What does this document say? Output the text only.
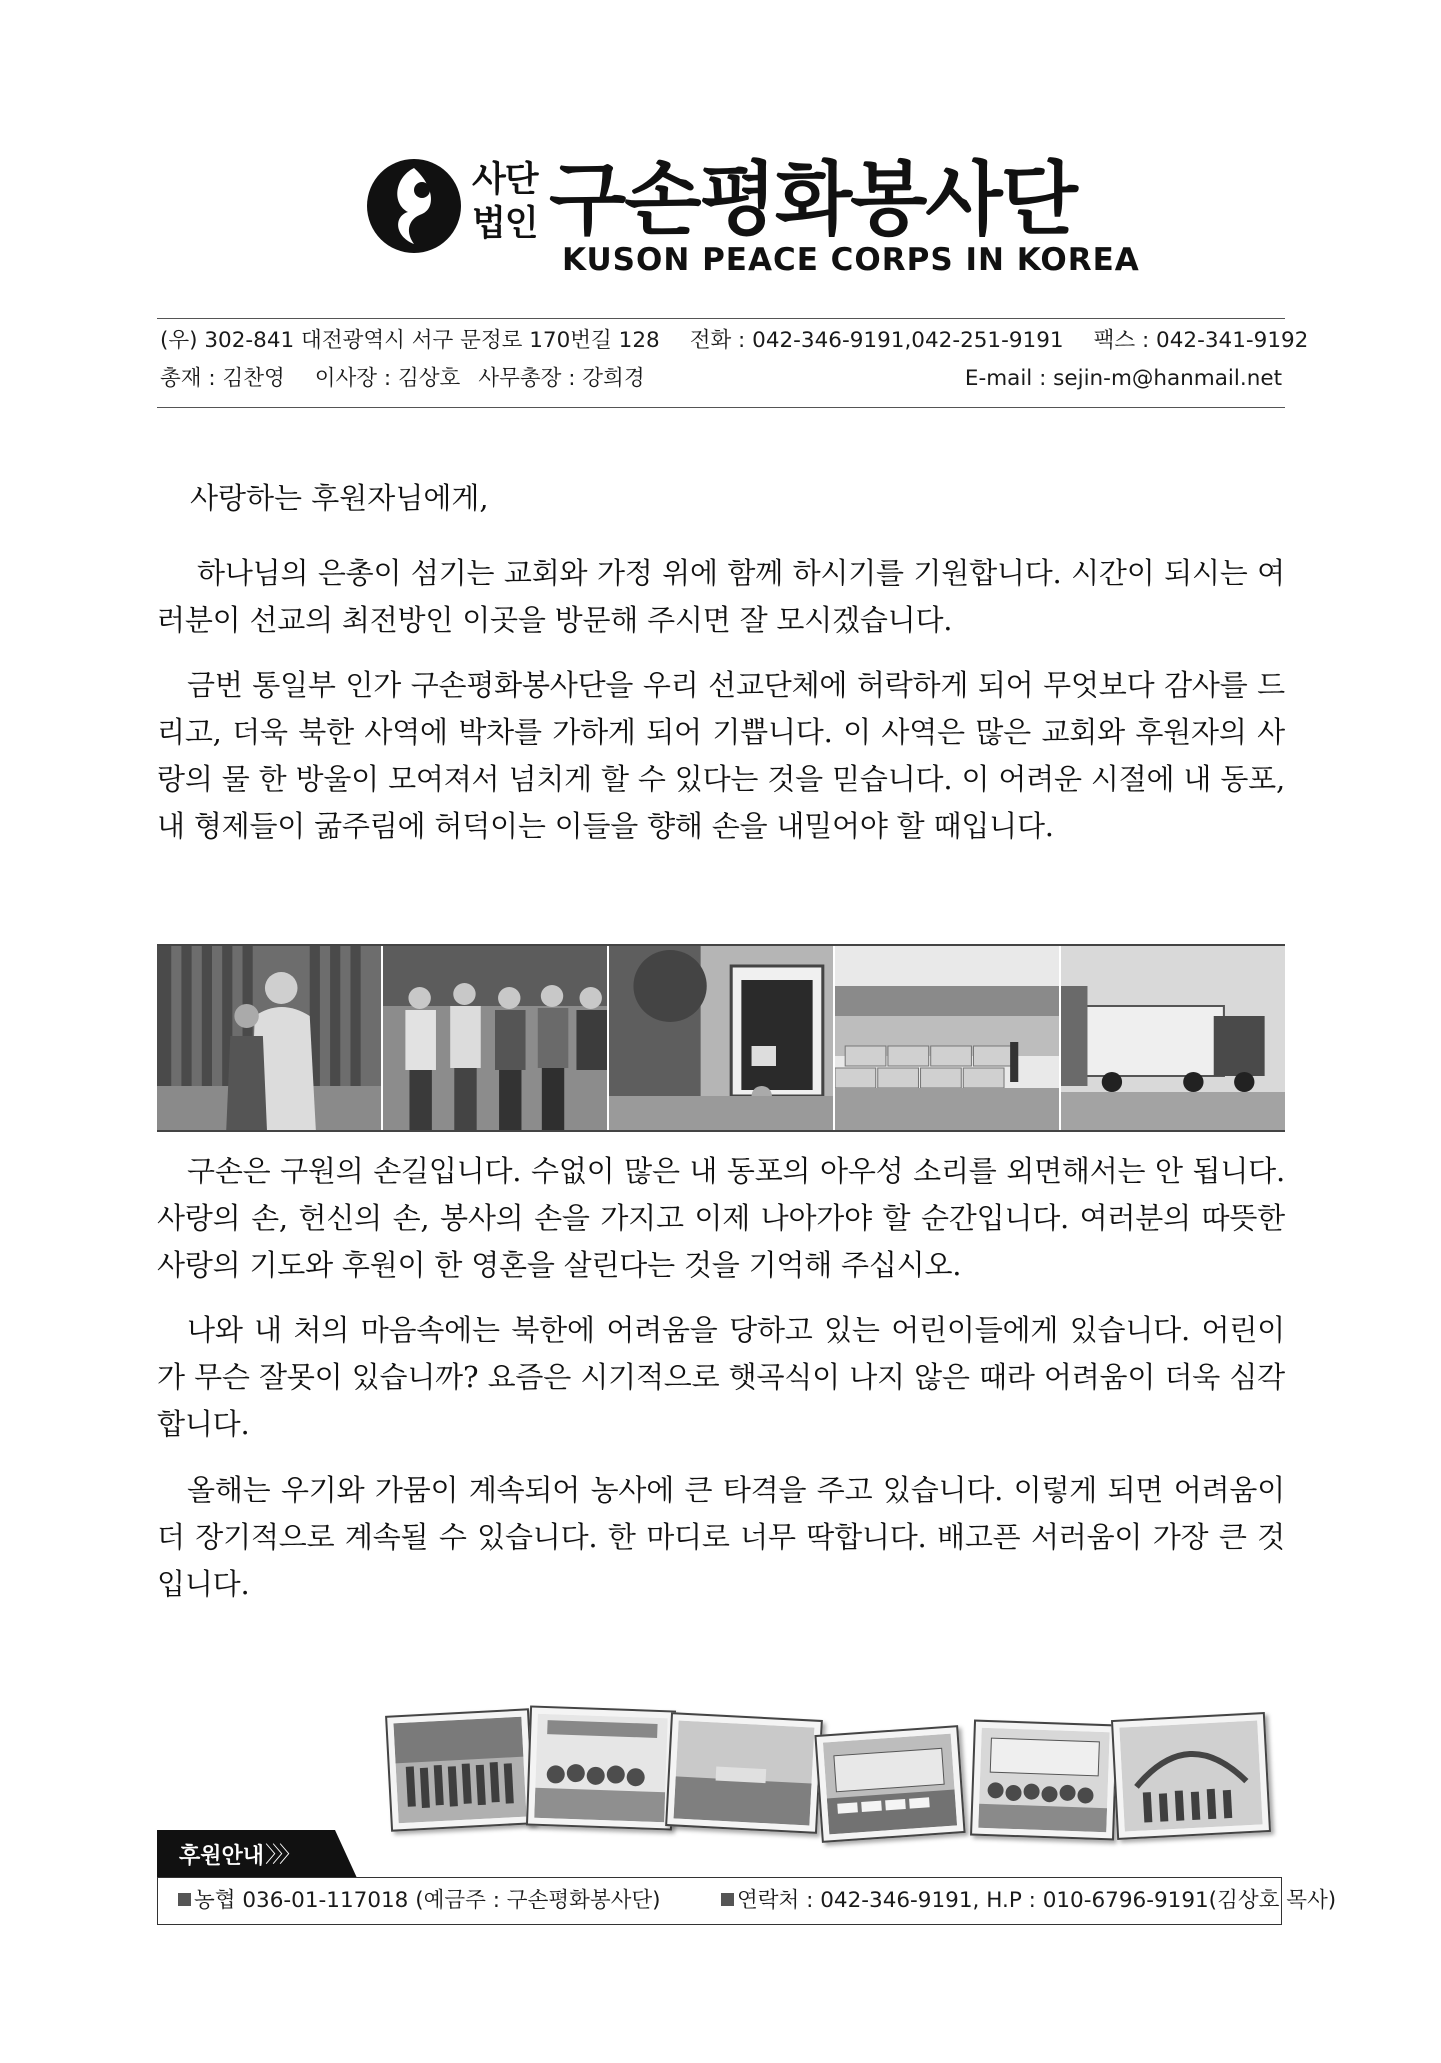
사단
법인 구손평화봉사단
KUSON PEACE CORPS IN KOREA
(우) 302-841 대전광역시 서구 문정로 170번길 128 전화 : 042-346-9191,042-251-9191 팩스 : 042-341-9192
총재 : 김찬영 이사장 : 김상호 사무총장 : 강희경	E-mail : sejin-m@hanmail.net

사랑하는 후원자님에게,

하나님의 은총이 섬기는 교회와 가정 위에 함께 하시기를 기원합니다. 시간이 되시는 여러분이 선교의 최전방인 이곳을 방문해 주시면 잘 모시겠습니다.

금번 통일부 인가 구손평화봉사단을 우리 선교단체에 허락하게 되어 무엇보다 감사를 드리고, 더욱 북한 사역에 박차를 가하게 되어 기쁩니다. 이 사역은 많은 교회와 후원자의 사랑의 물 한 방울이 모여져서 넘치게 할 수 있다는 것을 믿습니다. 이 어려운 시절에 내 동포, 내 형제들이 굶주림에 허덕이는 이들을 향해 손을 내밀어야 할 때입니다.

구손은 구원의 손길입니다. 수없이 많은 내 동포의 아우성 소리를 외면해서는 안 됩니다. 사랑의 손, 헌신의 손, 봉사의 손을 가지고 이제 나아가야 할 순간입니다. 여러분의 따뜻한 사랑의 기도와 후원이 한 영혼을 살린다는 것을 기억해 주십시오.

나와 내 처의 마음속에는 북한에 어려움을 당하고 있는 어린이들에게 있습니다. 어린이가 무슨 잘못이 있습니까? 요즘은 시기적으로 햇곡식이 나지 않은 때라 어려움이 더욱 심각합니다.

올해는 우기와 가뭄이 계속되어 농사에 큰 타격을 주고 있습니다. 이렇게 되면 어려움이 더 장기적으로 계속될 수 있습니다. 한 마디로 너무 딱합니다. 배고픈 서러움이 가장 큰 것입니다.

후원안내 〉〉〉
농협 036-01-117018 (예금주 : 구손평화봉사단)	연락처 : 042-346-9191, H.P : 010-6796-9191(김상호 목사)
